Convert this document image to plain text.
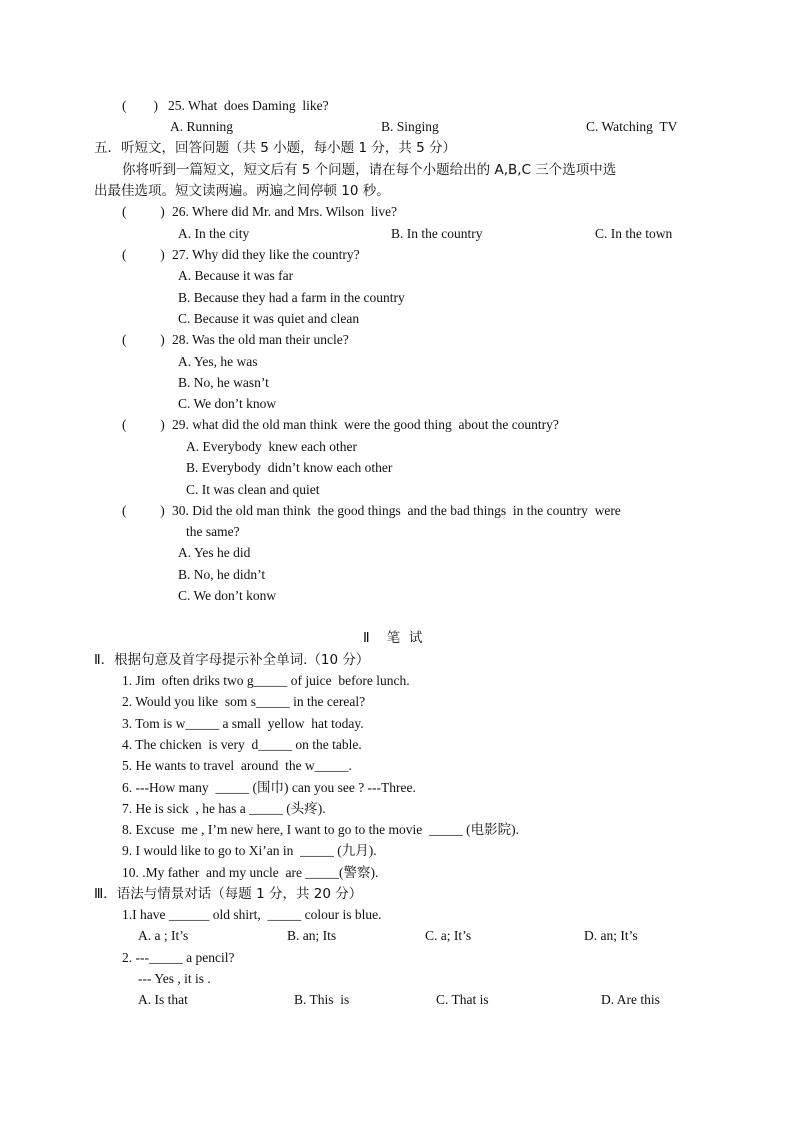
(        ) 25. What  does Daming  like?
A. Running	B. Singing	C. Watching  TV
五．听短文，回答问题（共 5 小题，每小题 1 分，共 5 分）
你将听到一篇短文，短文后有 5 个问题，请在每个小题给出的 A,B,C 三个选项中选
出最佳选项。短文读两遍。两遍之间停顿 10 秒。
(          ) 26. Where did Mr. and Mrs. Wilson  live?
A. In the city	B. In the country	C. In the town
(          ) 27. Why did they like the country?
A. Because it was far
B. Because they had a farm in the country
C. Because it was quiet and clean
(          ) 28. Was the old man their uncle?
A. Yes, he was
B. No, he wasn’t
C. We don’t know
(          ) 29. what did the old man think  were the good thing  about the country?
A. Everybody  knew each other
B. Everybody  didn’t know each other
C. It was clean and quiet
(          ) 30. Did the old man think  the good things  and the bad things  in the country  were
the same?
A. Yes he did
B. No, he didn’t
C. We don’t konw
Ⅱ    笔  试
Ⅱ．根据句意及首字母提示补全单词.（10 分）
1. Jim  often driks two g_____ of juice  before lunch.
2. Would you like  som s_____ in the cereal?
3. Tom is w_____ a small  yellow  hat today.
4. The chicken  is very  d_____ on the table.
5. He wants to travel  around  the w_____.
6. ---How many  _____ (围巾) can you see ? ---Three.
7. He is sick  , he has a _____ (头疼).
8. Excuse  me , I’m new here, I want to go to the movie  _____ (电影院).
9. I would like to go to Xi’an in  _____ (九月).
10. .My father  and my uncle  are _____(警察).
Ⅲ．语法与情景对话（每题 1 分，共 20 分）
1.I have ______ old shirt,  _____ colour is blue.
A. a ; It’s	B. an; Its	C. a; It’s	D. an; It’s
2. ---_____ a pencil?
--- Yes , it is .
A. Is that	B. This  is	C. That is	D. Are this
